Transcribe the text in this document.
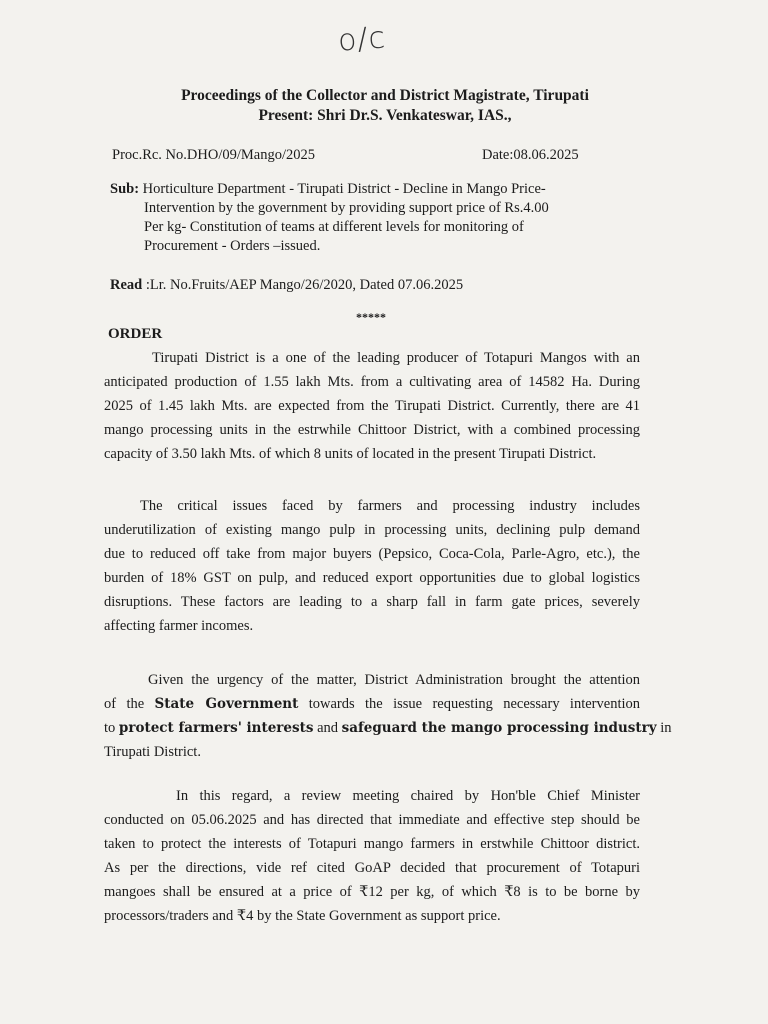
o/c
Proceedings of the Collector and District Magistrate, Tirupati
Present: Shri Dr.S. Venkateswar, IAS.,
Proc.Rc. No.DHO/09/Mango/2025	Date:08.06.2025
Sub: Horticulture Department - Tirupati District - Decline in Mango Price-
Intervention by the government by providing support price of Rs.4.00
Per kg- Constitution of teams at different levels for monitoring of
Procurement - Orders –issued.
Read :Lr. No.Fruits/AEP Mango/26/2020, Dated 07.06.2025
*****
ORDER
Tirupati District is a one of the leading producer of Totapuri Mangos with an
anticipated production of 1.55 lakh Mts. from a cultivating area of 14582 Ha. During
2025 of 1.45 lakh Mts. are expected from the Tirupati District. Currently, there are 41
mango processing units in the estrwhile Chittoor District, with a combined processing
capacity of 3.50 lakh Mts. of which 8 units of located in the present Tirupati District.
The critical issues faced by farmers and processing industry includes
underutilization of existing mango pulp in processing units, declining pulp demand
due to reduced off take from major buyers (Pepsico, Coca-Cola, Parle-Agro, etc.), the
burden of 18% GST on pulp, and reduced export opportunities due to global logistics
disruptions. These factors are leading to a sharp fall in farm gate prices, severely
affecting farmer incomes.
Given the urgency of the matter, District Administration brought the attention
of the State Government towards the issue requesting necessary intervention
to protect farmers' interests and safeguard the mango processing industry in
Tirupati District.
In this regard, a review meeting chaired by Hon'ble Chief Minister
conducted on 05.06.2025 and has directed that immediate and effective step should be
taken to protect the interests of Totapuri mango farmers in erstwhile Chittoor district.
As per the directions, vide ref cited GoAP decided that procurement of Totapuri
mangoes shall be ensured at a price of ₹12 per kg, of which ₹8 is to be borne by
processors/traders and ₹4 by the State Government as support price.
